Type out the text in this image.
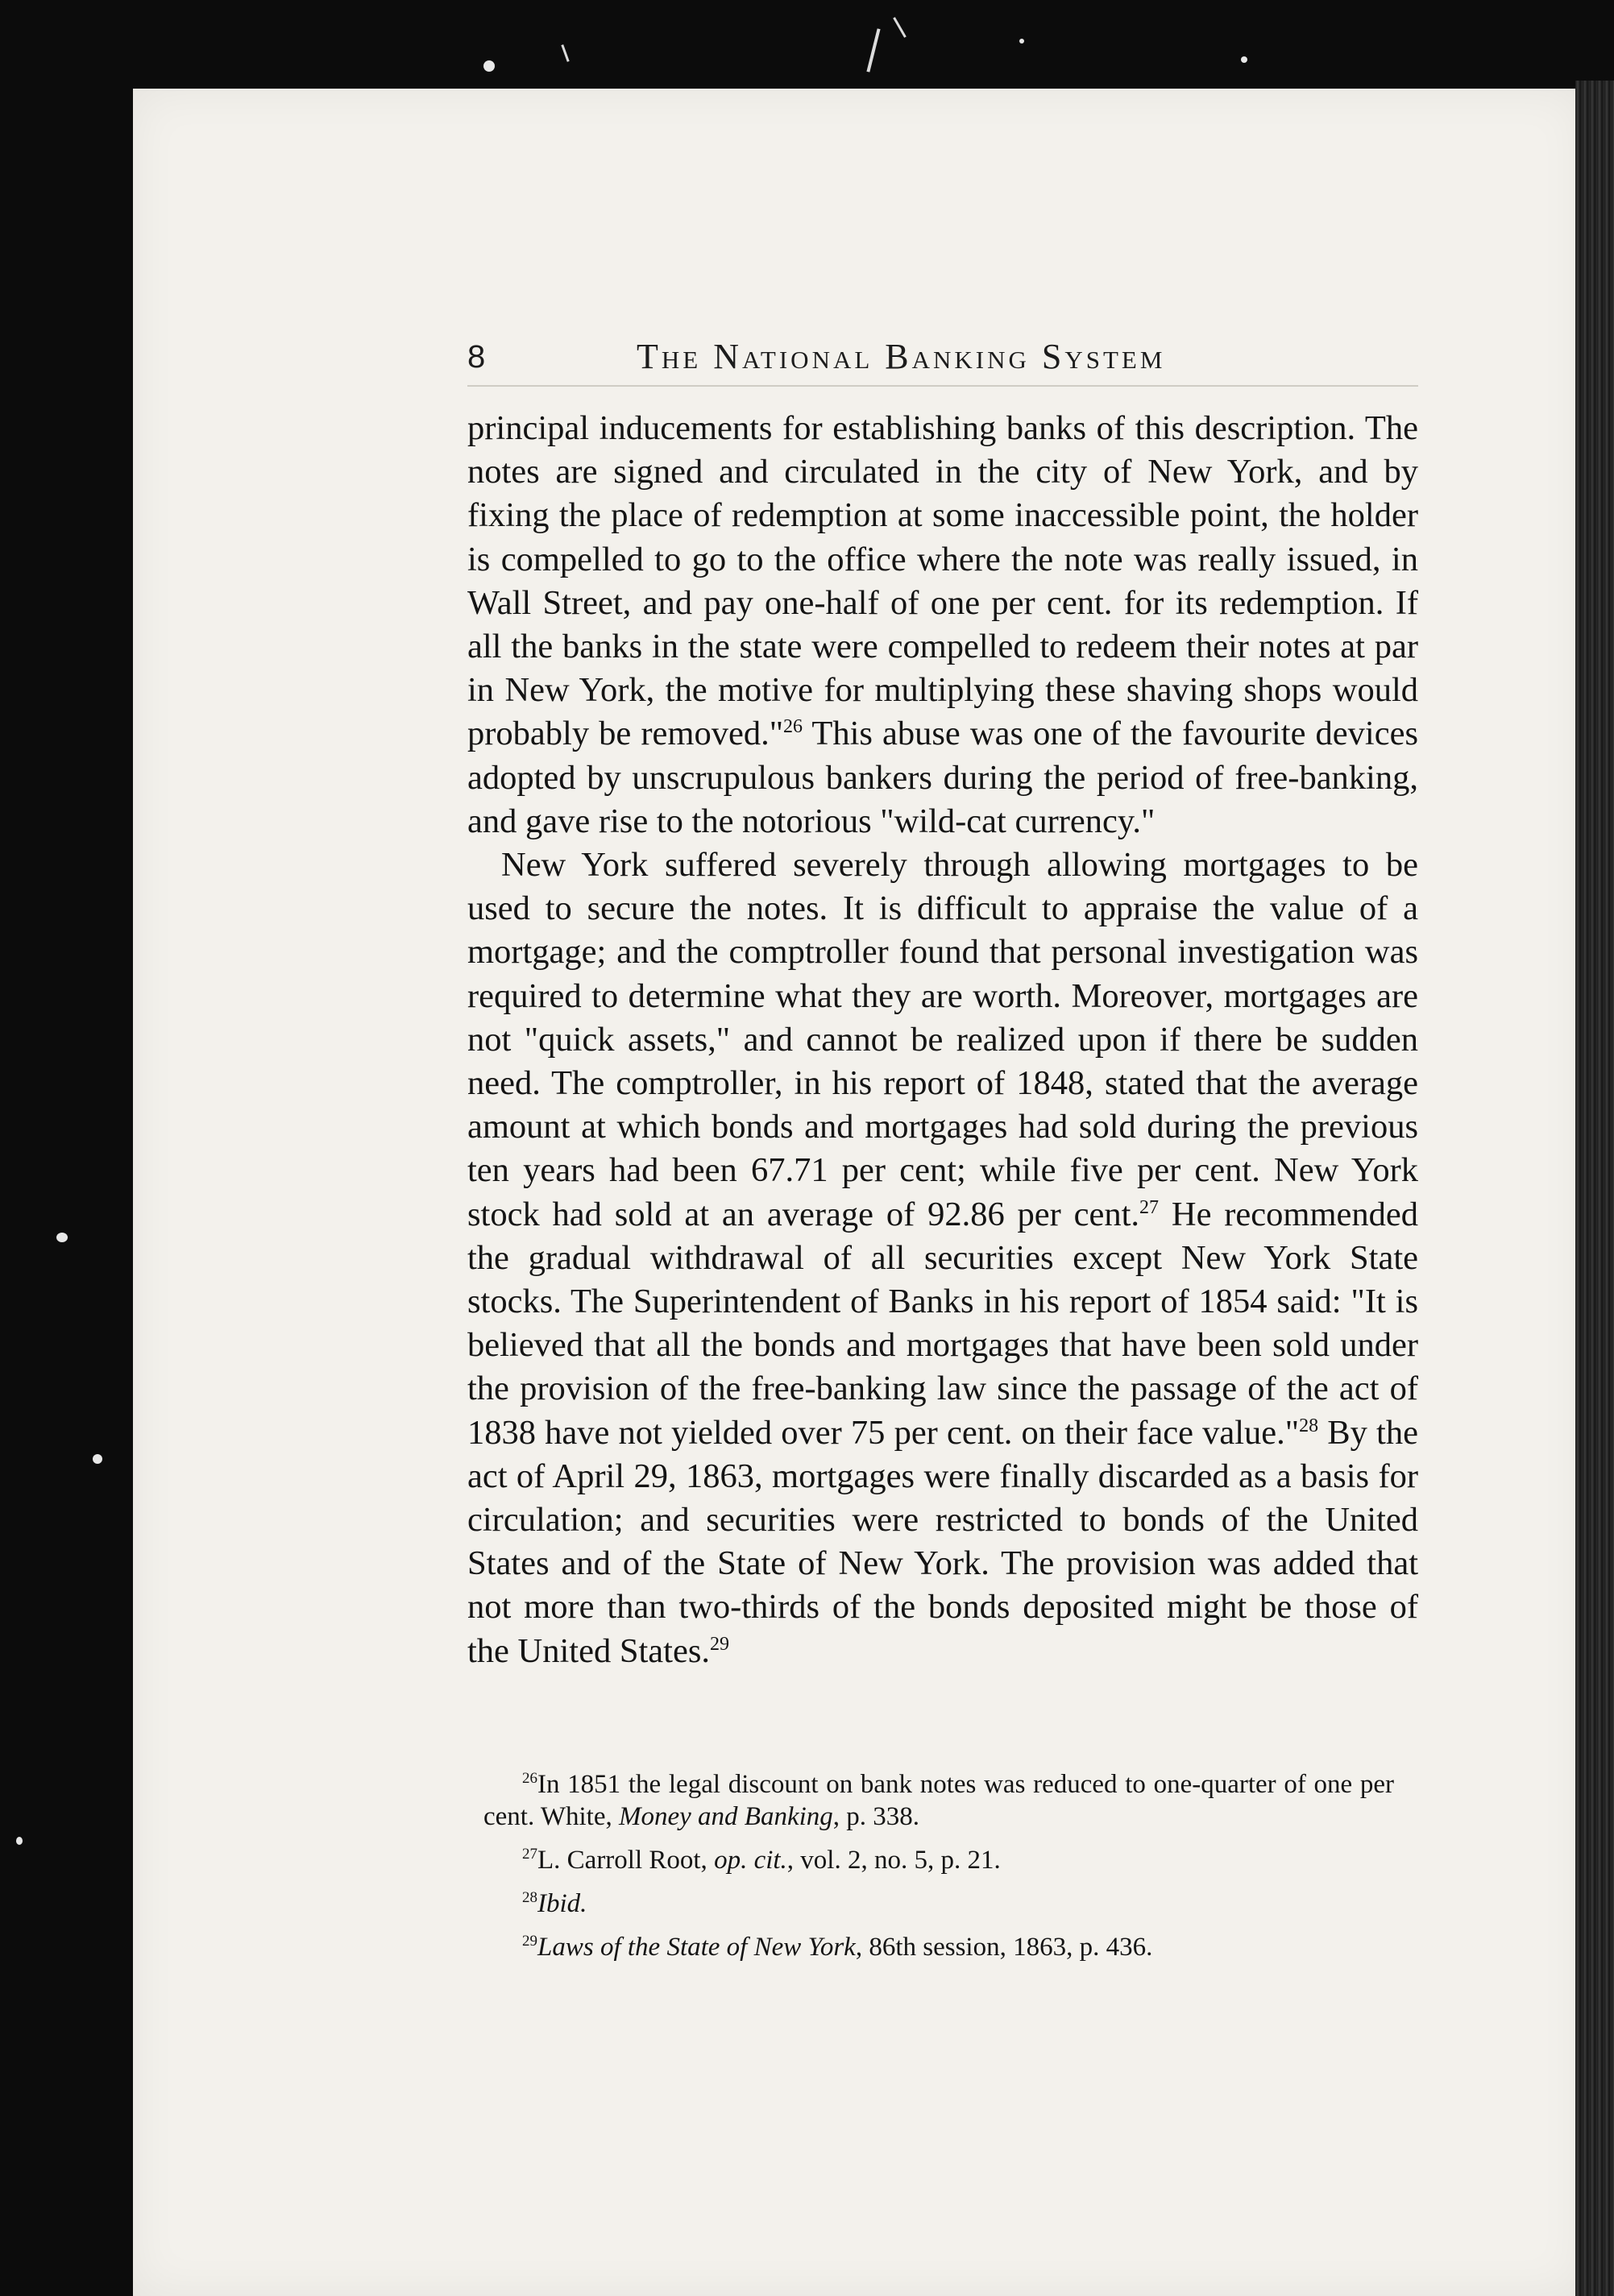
8	The National Banking System

principal inducements for establishing banks of this description. The notes are signed and circulated in the city of New York, and by fixing the place of redemption at some inaccessible point, the holder is compelled to go to the office where the note was really issued, in Wall Street, and pay one-half of one per cent. for its redemption. If all the banks in the state were compelled to redeem their notes at par in New York, the motive for multiplying these shaving shops would probably be removed."$^{26}$ This abuse was one of the favourite devices adopted by unscrupulous bankers during the period of free-banking, and gave rise to the notorious "wild-cat currency."

New York suffered severely through allowing mortgages to be used to secure the notes. It is difficult to appraise the value of a mortgage; and the comptroller found that personal investigation was required to determine what they are worth. Moreover, mortgages are not "quick assets," and cannot be realized upon if there be sudden need. The comptroller, in his report of 1848, stated that the average amount at which bonds and mortgages had sold during the previous ten years had been 67.71 per cent; while five per cent. New York stock had sold at an average of 92.86 per cent.$^{27}$ He recommended the gradual withdrawal of all securities except New York State stocks. The Superintendent of Banks in his report of 1854 said: "It is believed that all the bonds and mortgages that have been sold under the provision of the free-banking law since the passage of the act of 1838 have not yielded over 75 per cent. on their face value."$^{28}$ By the act of April 29, 1863, mortgages were finally discarded as a basis for circulation; and securities were restricted to bonds of the United States and of the State of New York. The provision was added that not more than two-thirds of the bonds deposited might be those of the United States.$^{29}$

$^{26}$In 1851 the legal discount on bank notes was reduced to one-quarter of one per cent. White, Money and Banking, p. 338.

$^{27}$L. Carroll Root, op. cit., vol. 2, no. 5, p. 21.

$^{28}$Ibid.

$^{29}$Laws of the State of New York, 86th session, 1863, p. 436.
